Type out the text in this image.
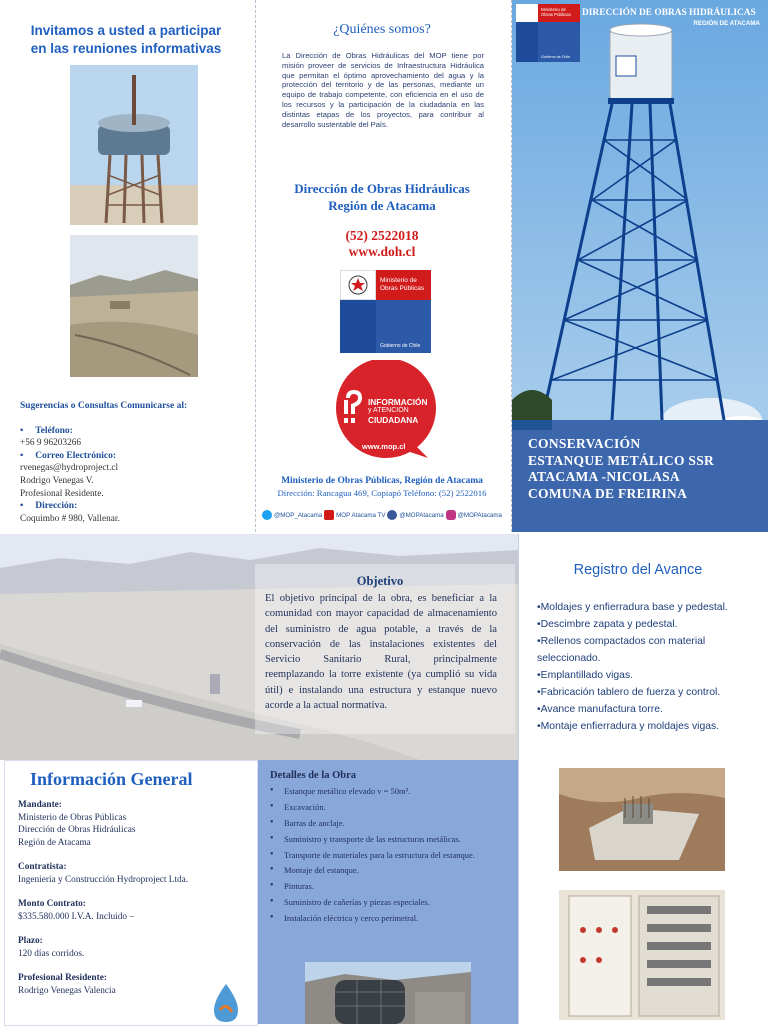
Invitamos a usted a participar
en las reuniones informativas
Sugerencias o Consultas Comunicarse al:
•     Teléfono:
+56 9 96203266
•     Correo Electrónico:
rvenegas@hydroproject.cl
Rodrigo Venegas V.
Profesional Residente.
•     Dirección:
Coquimbo # 980, Vallenar.
¿Quiénes somos?
La Dirección de Obras Hidráulicas del MOP tiene por misión proveer de servicios de Infraestructura Hidráulica que permitan el óptimo aprovechamiento del agua y la protección del territorio y de las personas, mediante un equipo de trabajo competente, con eficiencia en el uso de los recursos y la participación de la ciudadanía en las distintas etapas de los proyectos, para contribuir al desarrollo sustentable del País.
Dirección de Obras Hidráulicas
Región de Atacama
(52) 2522018
www.doh.cl
Ministerio de
Obras Públicas
Gobierno de Chile
INFORMACIÓN
y ATENCIÓN
CIUDADANA
www.mop.cl
Ministerio de Obras Públicas, Región de Atacama
Dirección: Rancagua 469, Copiapó Teléfono: (52) 2522016
@MOP_Atacama MOP Atacama TV @MOPAtacama @MOPAtacama
Ministerio de
Obras Públicas
Gobierno de Chile
DIRECCIÓN DE OBRAS HIDRÁULICAS
REGIÓN DE ATACAMA
CONSERVACIÓN
ESTANQUE METÁLICO SSR
ATACAMA -NICOLASA
COMUNA DE FREIRINA
Objetivo
El objetivo principal de la obra, es beneficiar a la comunidad con mayor capacidad de almacenamiento del suministro de agua potable, a través de la conservación de las instalaciones existentes del Servicio Sanitario Rural, principalmente reemplazando la torre existente (ya cumplió su vida útil) e instalando una estructura y estanque nuevo acorde a la actual normativa.
Registro del Avance
•Moldajes y enfierradura base y pedestal.
•Descimbre zapata y pedestal.
•Rellenos compactados con material seleccionado.
•Emplantillado vigas.
•Fabricación tablero de fuerza y control.
•Avance manufactura torre.
•Montaje enfierradura y moldajes vigas.
Información General
Mandante:
Ministerio de Obras Públicas
Dirección de Obras Hidráulicas
Región de Atacama
Contratista:
Ingeniería y Construcción Hydroproject Ltda.
Monto Contrato:
$335.580.000 I.V.A. Incluido –
Plazo:
120 días corridos.
Profesional Residente:
Rodrigo Venegas Valencia
Detalles de la Obra
• Estanque metálico elevado v = 50m³.
• Excavación.
• Barras de anclaje.
• Suministro y transporte de las estructuras metálicas.
• Transporte de materiales para la estructura del estanque.
• Montaje del estanque.
• Pinturas.
• Suministro de cañerías y piezas especiales.
• Instalación eléctrica y cerco perimetral.
